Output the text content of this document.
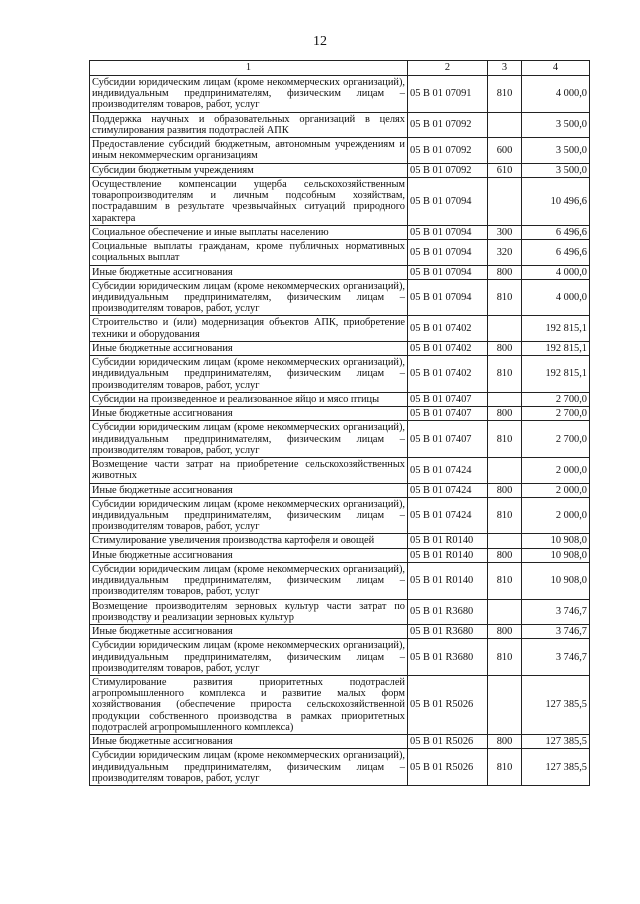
12
1	2	3	4
Субсидии юридическим лицам (кроме некоммерческих организаций), индивидуальным предпринимателям, физическим лицам – производителям товаров, работ, услуг	05 B 01 07091	810	4 000,0
Поддержка научных и образовательных организаций в целях стимулирования развития подотраслей АПК	05 B 01 07092		3 500,0
Предоставление субсидий бюджетным, автономным учреждениям и иным некоммерческим организациям	05 B 01 07092	600	3 500,0
Субсидии бюджетным учреждениям	05 B 01 07092	610	3 500,0
Осуществление компенсации ущерба сельскохозяйственным товаропроизводителям и личным подсобным хозяйствам, пострадавшим в результате чрезвычайных ситуаций природного характера	05 B 01 07094		10 496,6
Социальное обеспечение и иные выплаты населению	05 B 01 07094	300	6 496,6
Социальные выплаты гражданам, кроме публичных нормативных социальных выплат	05 B 01 07094	320	6 496,6
Иные бюджетные ассигнования	05 B 01 07094	800	4 000,0
Субсидии юридическим лицам (кроме некоммерческих организаций), индивидуальным предпринимателям, физическим лицам – производителям товаров, работ, услуг	05 B 01 07094	810	4 000,0
Строительство и (или) модернизация объектов АПК, приобретение техники и оборудования	05 B 01 07402		192 815,1
Иные бюджетные ассигнования	05 B 01 07402	800	192 815,1
Субсидии юридическим лицам (кроме некоммерческих организаций), индивидуальным предпринимателям, физическим лицам – производителям товаров, работ, услуг	05 B 01 07402	810	192 815,1
Субсидии на произведенное и реализованное яйцо и мясо птицы	05 B 01 07407		2 700,0
Иные бюджетные ассигнования	05 B 01 07407	800	2 700,0
Субсидии юридическим лицам (кроме некоммерческих организаций), индивидуальным предпринимателям, физическим лицам – производителям товаров, работ, услуг	05 B 01 07407	810	2 700,0
Возмещение части затрат на приобретение сельскохозяйственных животных	05 B 01 07424		2 000,0
Иные бюджетные ассигнования	05 B 01 07424	800	2 000,0
Субсидии юридическим лицам (кроме некоммерческих организаций), индивидуальным предпринимателям, физическим лицам – производителям товаров, работ, услуг	05 B 01 07424	810	2 000,0
Стимулирование увеличения производства картофеля и овощей	05 B 01 R0140		10 908,0
Иные бюджетные ассигнования	05 B 01 R0140	800	10 908,0
Субсидии юридическим лицам (кроме некоммерческих организаций), индивидуальным предпринимателям, физическим лицам – производителям товаров, работ, услуг	05 B 01 R0140	810	10 908,0
Возмещение производителям зерновых культур части затрат по производству и реализации зерновых культур	05 B 01 R3680		3 746,7
Иные бюджетные ассигнования	05 B 01 R3680	800	3 746,7
Субсидии юридическим лицам (кроме некоммерческих организаций), индивидуальным предпринимателям, физическим лицам – производителям товаров, работ, услуг	05 B 01 R3680	810	3 746,7
Стимулирование развития приоритетных подотраслей агропромышленного комплекса и развитие малых форм хозяйствования (обеспечение прироста сельскохозяйственной продукции собственного производства в рамках приоритетных подотраслей агропромышленного комплекса)	05 B 01 R5026		127 385,5
Иные бюджетные ассигнования	05 B 01 R5026	800	127 385,5
Субсидии юридическим лицам (кроме некоммерческих организаций), индивидуальным предпринимателям, физическим лицам – производителям товаров, работ, услуг	05 B 01 R5026	810	127 385,5
